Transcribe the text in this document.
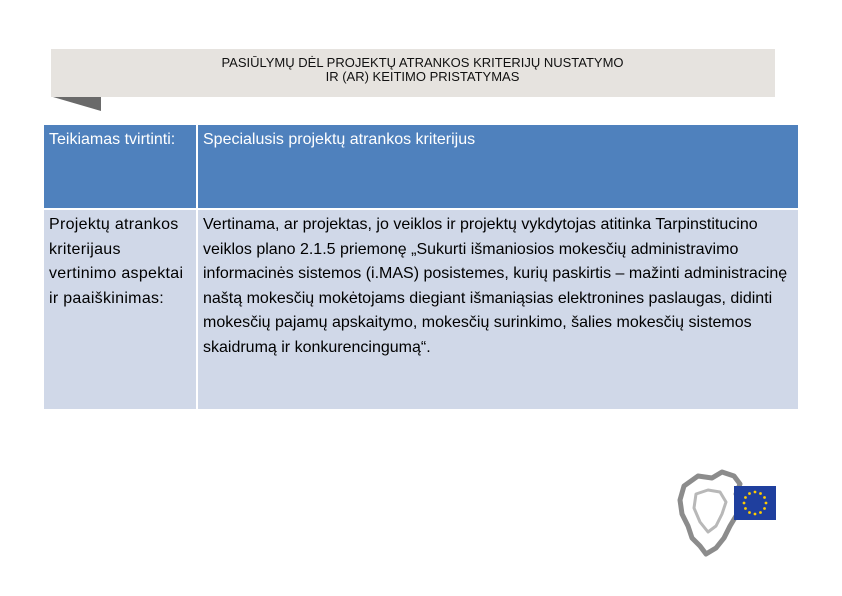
PASIŪLYMŲ DĖL PROJEKTŲ ATRANKOS KRITERIJŲ NUSTATYMO
IR (AR) KEITIMO PRISTATYMAS
Teikiamas tvirtinti:	Specialusis projektų atrankos kriterijus

Projektų atrankos kriterijaus vertinimo aspektai ir paaiškinimas:	Vertinama, ar projektas, jo veiklos ir projektų vykdytojas atitinka Tarpinstitucino veiklos plano 2.1.5 priemonę „Sukurti išmaniosios mokesčių administravimo informacinės sistemos (i.MAS) posistemes, kurių paskirtis – mažinti administracinę naštą mokesčių mokėtojams diegiant išmaniąsias elektronines paslaugas, didinti mokesčių pajamų apskaitymo, mokesčių surinkimo, šalies mokesčių sistemos skaidrumą ir konkurencingumą“.
